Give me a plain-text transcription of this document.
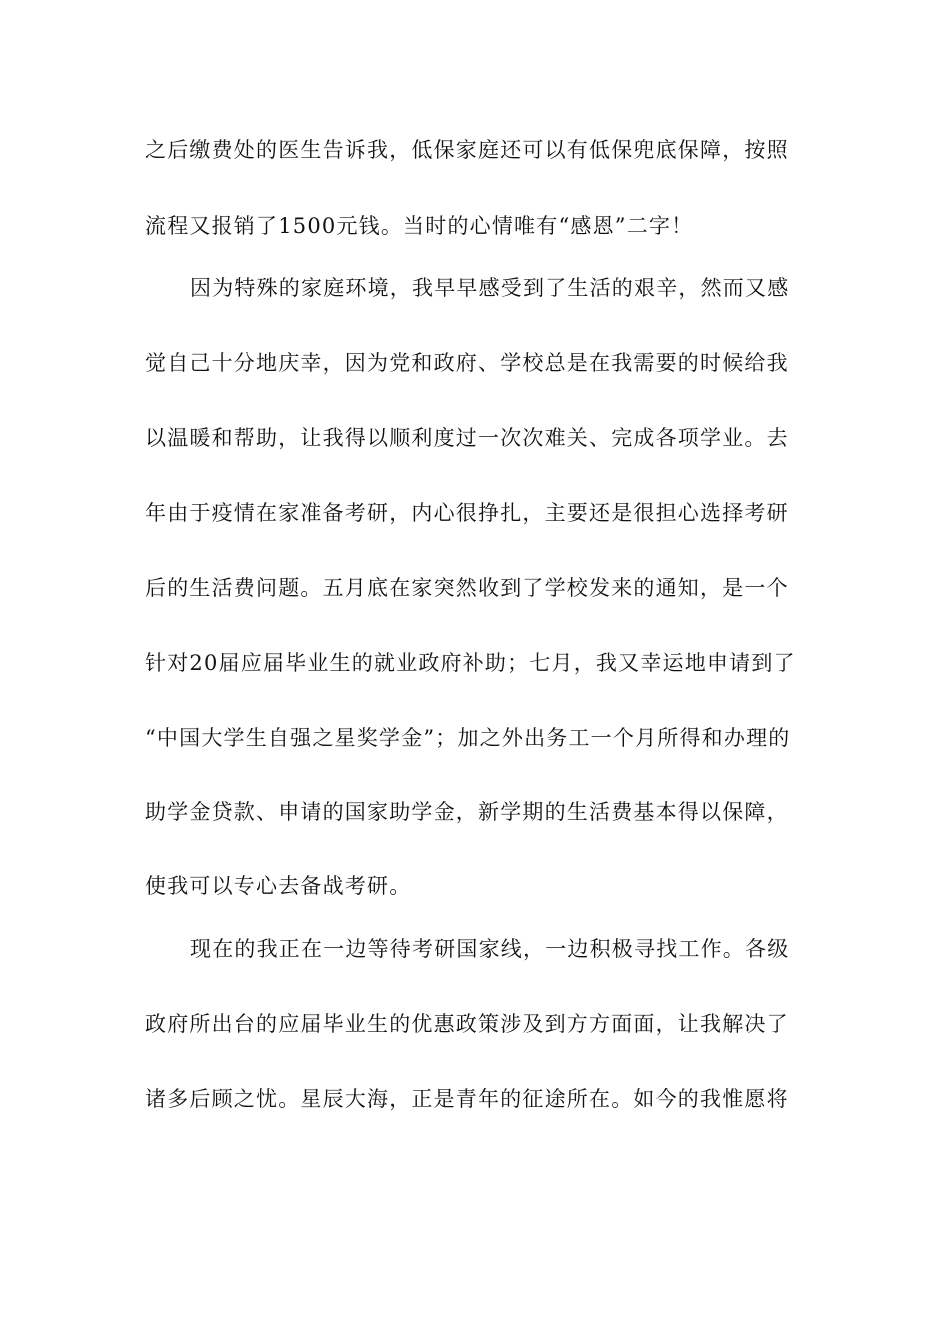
之后缴费处的医生告诉我，低保家庭还可以有低保兜底保障，按照
流程又报销了1500元钱。当时的心情唯有“感恩”二字！
因为特殊的家庭环境，我早早感受到了生活的艰辛，然而又感
觉自己十分地庆幸，因为党和政府、学校总是在我需要的时候给我
以温暖和帮助，让我得以顺利度过一次次难关、完成各项学业。去
年由于疫情在家准备考研，内心很挣扎，主要还是很担心选择考研
后的生活费问题。五月底在家突然收到了学校发来的通知，是一个
针对20届应届毕业生的就业政府补助；七月，我又幸运地申请到了
“中国大学生自强之星奖学金”；加之外出务工一个月所得和办理的
助学金贷款、申请的国家助学金，新学期的生活费基本得以保障，
使我可以专心去备战考研。
现在的我正在一边等待考研国家线，一边积极寻找工作。各级
政府所出台的应届毕业生的优惠政策涉及到方方面面，让我解决了
诸多后顾之忧。星辰大海，正是青年的征途所在。如今的我惟愿将
